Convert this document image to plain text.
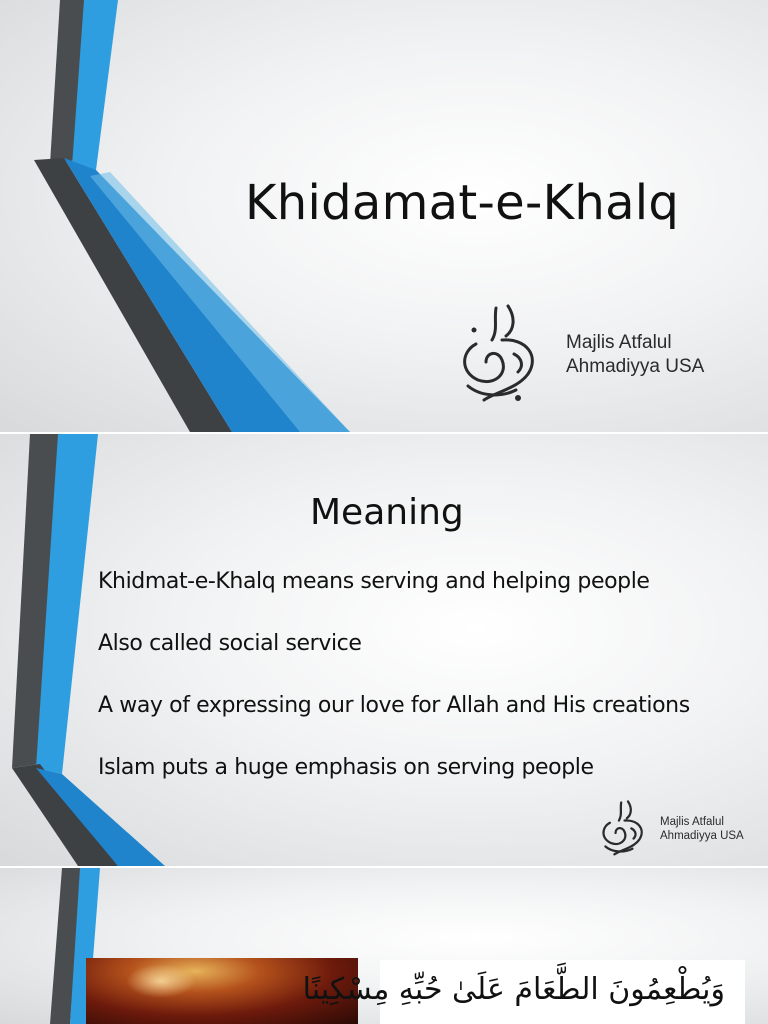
Khidamat-e-Khalq
Majlis Atfalul
Ahmadiyya USA
Meaning
Khidmat-e-Khalq means serving and helping people
Also called social service
A way of expressing our love for Allah and His creations
Islam puts a huge emphasis on serving people
Majlis Atfalul
Ahmadiyya USA
وَيُطْعِمُونَ الطَّعَامَ عَلَىٰ حُبِّهِ مِسْكِينًا
